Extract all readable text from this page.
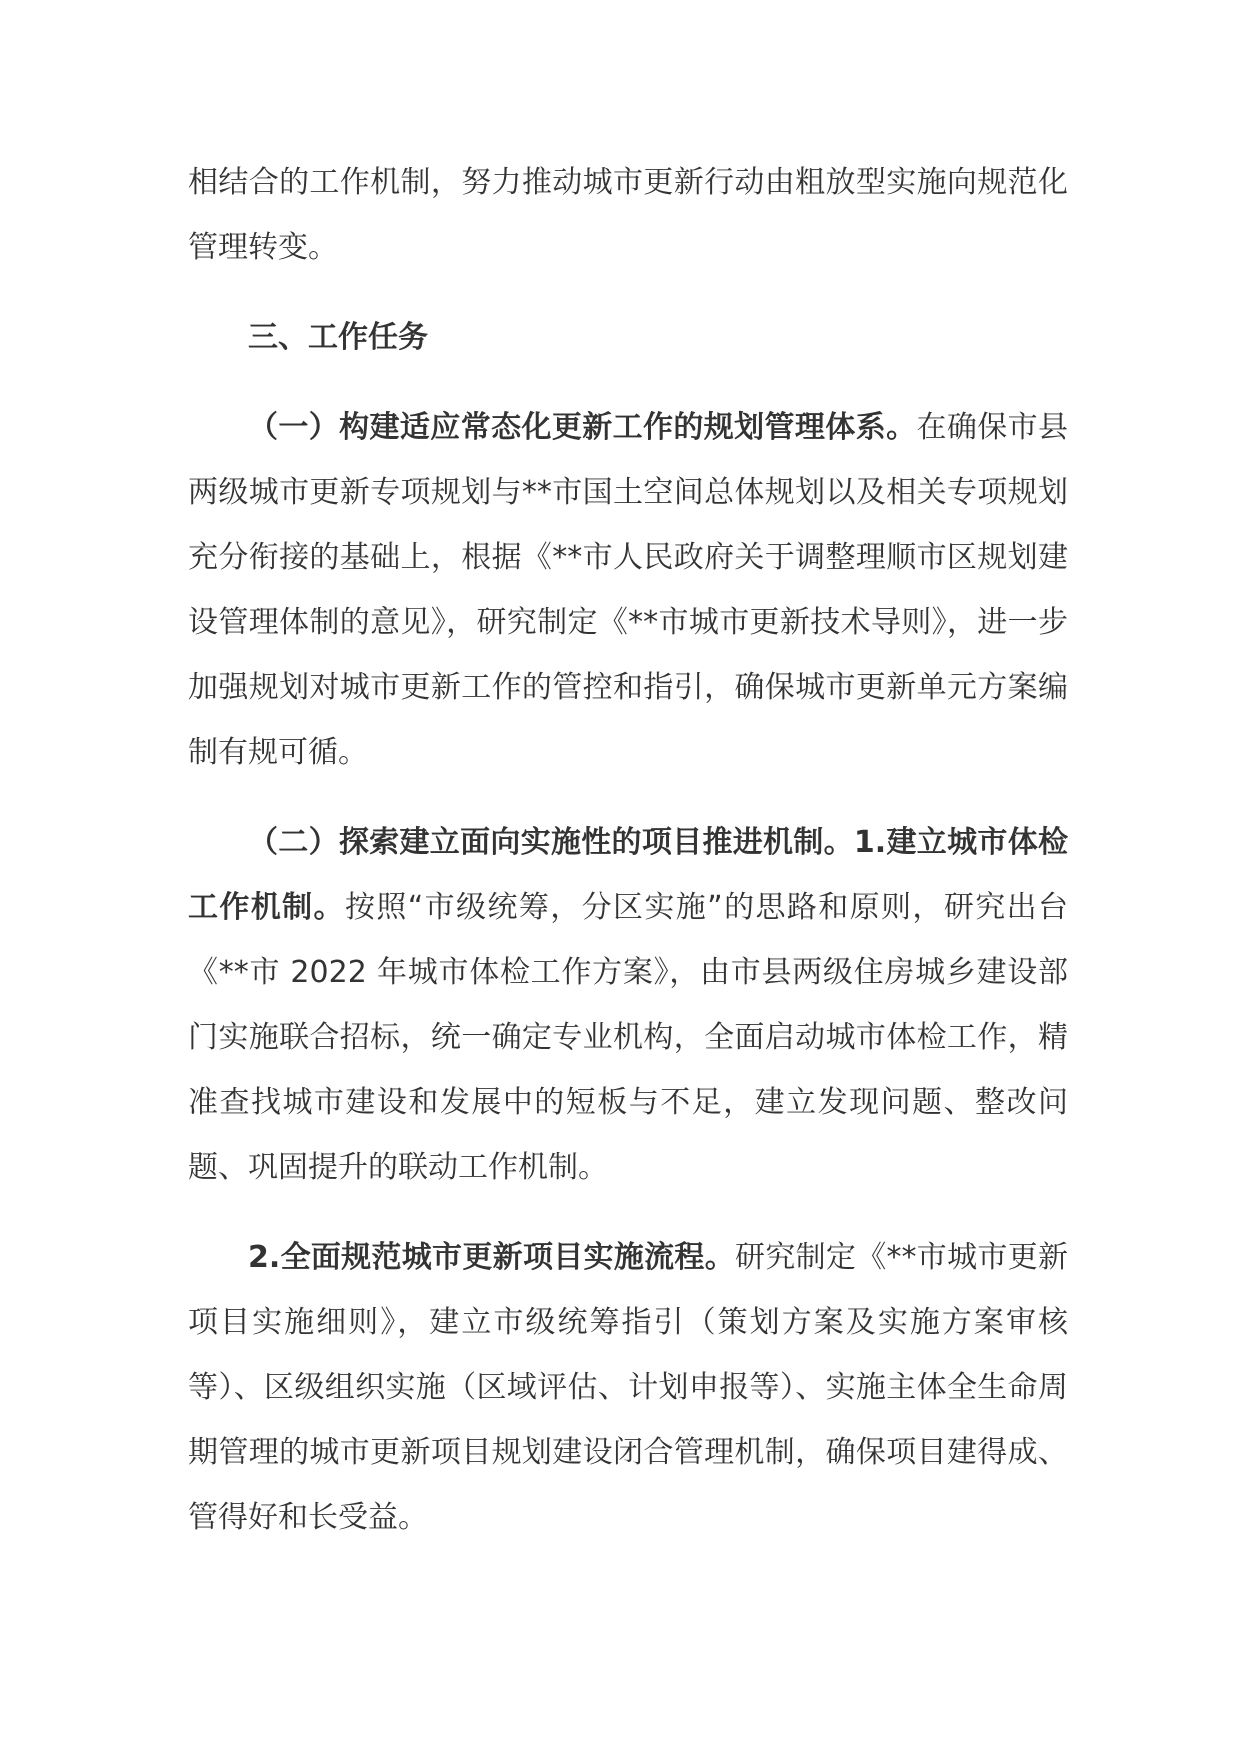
相结合的工作机制，努力推动城市更新行动由粗放型实施向规范化管理转变。

三、工作任务

（一）构建适应常态化更新工作的规划管理体系。在确保市县两级城市更新专项规划与**市国土空间总体规划以及相关专项规划充分衔接的基础上，根据《**市人民政府关于调整理顺市区规划建设管理体制的意见》，研究制定《**市城市更新技术导则》，进一步加强规划对城市更新工作的管控和指引，确保城市更新单元方案编制有规可循。

（二）探索建立面向实施性的项目推进机制。1.建立城市体检工作机制。按照“市级统筹，分区实施”的思路和原则，研究出台《**市 2022 年城市体检工作方案》，由市县两级住房城乡建设部门实施联合招标，统一确定专业机构，全面启动城市体检工作，精准查找城市建设和发展中的短板与不足，建立发现问题、整改问题、巩固提升的联动工作机制。

2.全面规范城市更新项目实施流程。研究制定《**市城市更新项目实施细则》，建立市级统筹指引（策划方案及实施方案审核等）、区级组织实施（区域评估、计划申报等）、实施主体全生命周期管理的城市更新项目规划建设闭合管理机制，确保项目建得成、管得好和长受益。
